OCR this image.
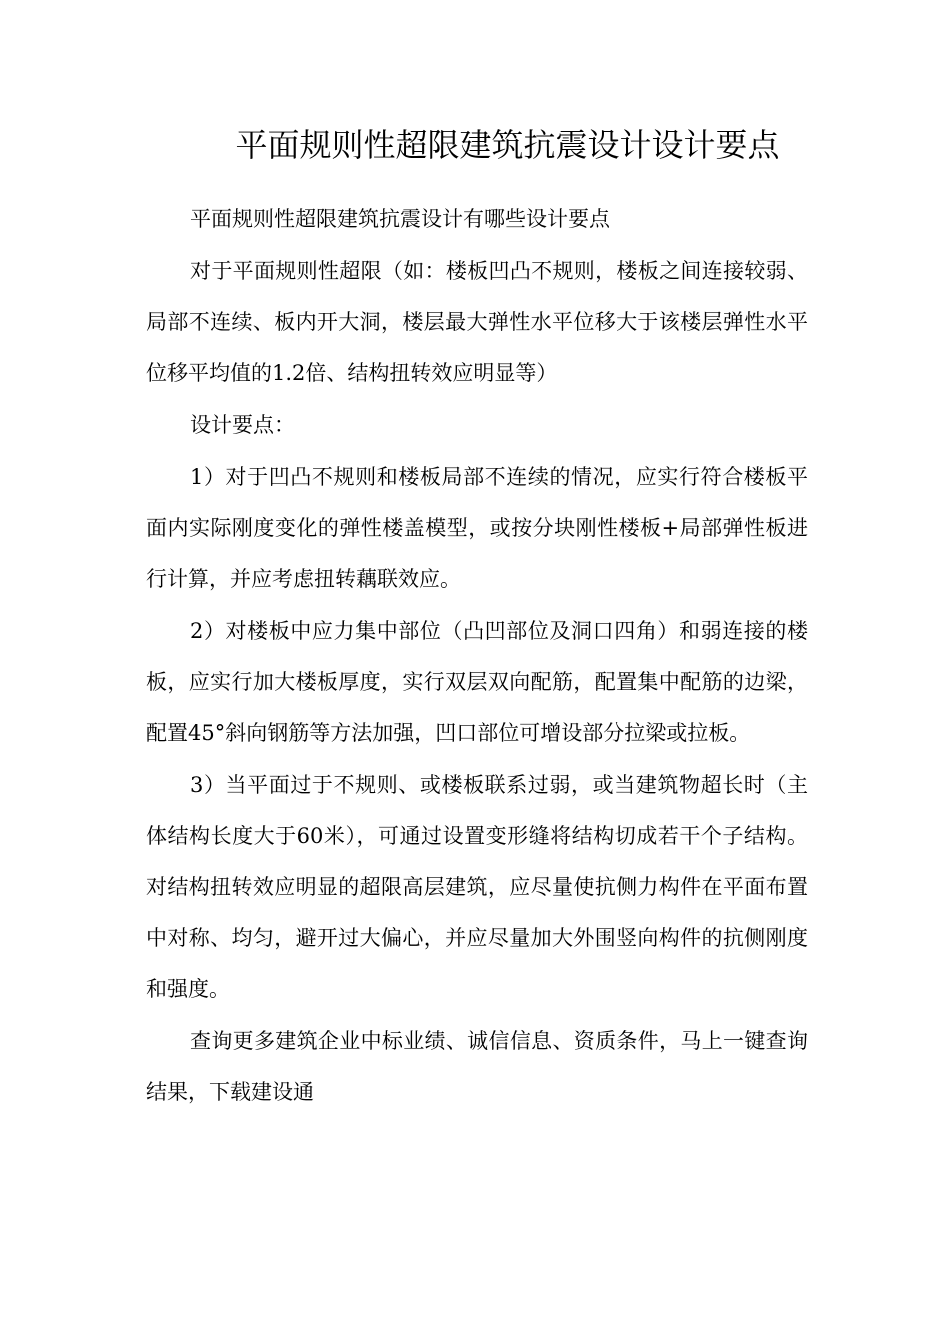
平面规则性超限建筑抗震设计设计要点

平面规则性超限建筑抗震设计有哪些设计要点

对于平面规则性超限（如：楼板凹凸不规则，楼板之间连接较弱、局部不连续、板内开大洞，楼层最大弹性水平位移大于该楼层弹性水平位移平均值的1.2倍、结构扭转效应明显等）

设计要点：

1）对于凹凸不规则和楼板局部不连续的情况，应实行符合楼板平面内实际刚度变化的弹性楼盖模型，或按分块刚性楼板+局部弹性板进行计算，并应考虑扭转藕联效应。

2）对楼板中应力集中部位（凸凹部位及洞口四角）和弱连接的楼板，应实行加大楼板厚度，实行双层双向配筋，配置集中配筋的边梁，配置45°斜向钢筋等方法加强，凹口部位可增设部分拉梁或拉板。

3）当平面过于不规则、或楼板联系过弱，或当建筑物超长时（主体结构长度大于60米），可通过设置变形缝将结构切成若干个子结构。对结构扭转效应明显的超限高层建筑，应尽量使抗侧力构件在平面布置中对称、均匀，避开过大偏心，并应尽量加大外围竖向构件的抗侧刚度和强度。

查询更多建筑企业中标业绩、诚信信息、资质条件，马上一键查询结果，下载建设通
